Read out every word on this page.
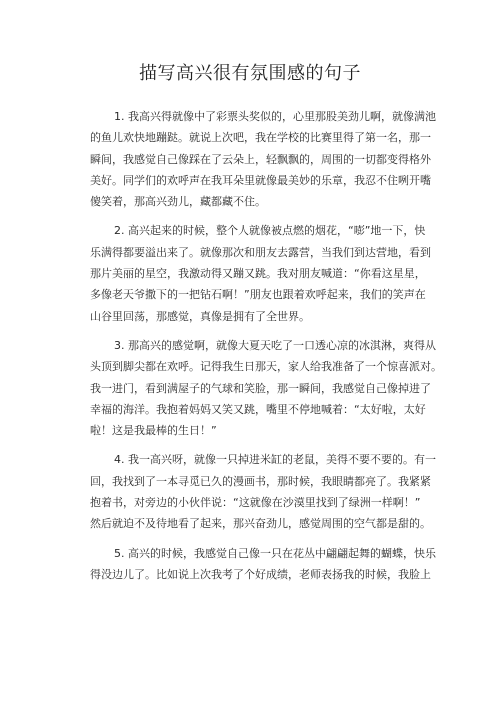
描写高兴很有氛围感的句子
1. 我高兴得就像中了彩票头奖似的，心里那股美劲儿啊，就像满池
的鱼儿欢快地蹦跶。就说上次吧，我在学校的比赛里得了第一名，那一
瞬间，我感觉自己像踩在了云朵上，轻飘飘的，周围的一切都变得格外
美好。同学们的欢呼声在我耳朵里就像最美妙的乐章，我忍不住咧开嘴
傻笑着，那高兴劲儿，藏都藏不住。
2. 高兴起来的时候，整个人就像被点燃的烟花，“嘭”地一下，快
乐满得都要溢出来了。就像那次和朋友去露营，当我们到达营地，看到
那片美丽的星空，我激动得又蹦又跳。我对朋友喊道：“你看这星星，
多像老天爷撒下的一把钻石啊！”朋友也跟着欢呼起来，我们的笑声在
山谷里回荡，那感觉，真像是拥有了全世界。
3. 那高兴的感觉啊，就像大夏天吃了一口透心凉的冰淇淋，爽得从
头顶到脚尖都在欢呼。记得我生日那天，家人给我准备了一个惊喜派对。
我一进门，看到满屋子的气球和笑脸，那一瞬间，我感觉自己像掉进了
幸福的海洋。我抱着妈妈又笑又跳，嘴里不停地喊着：“太好啦，太好
啦！这是我最棒的生日！”
4. 我一高兴呀，就像一只掉进米缸的老鼠，美得不要不要的。有一
回，我找到了一本寻觅已久的漫画书，那时候，我眼睛都亮了。我紧紧
抱着书，对旁边的小伙伴说：“这就像在沙漠里找到了绿洲一样啊！”
然后就迫不及待地看了起来，那兴奋劲儿，感觉周围的空气都是甜的。
5. 高兴的时候，我感觉自己像一只在花丛中翩翩起舞的蝴蝶，快乐
得没边儿了。比如说上次我考了个好成绩，老师表扬我的时候，我脸上
